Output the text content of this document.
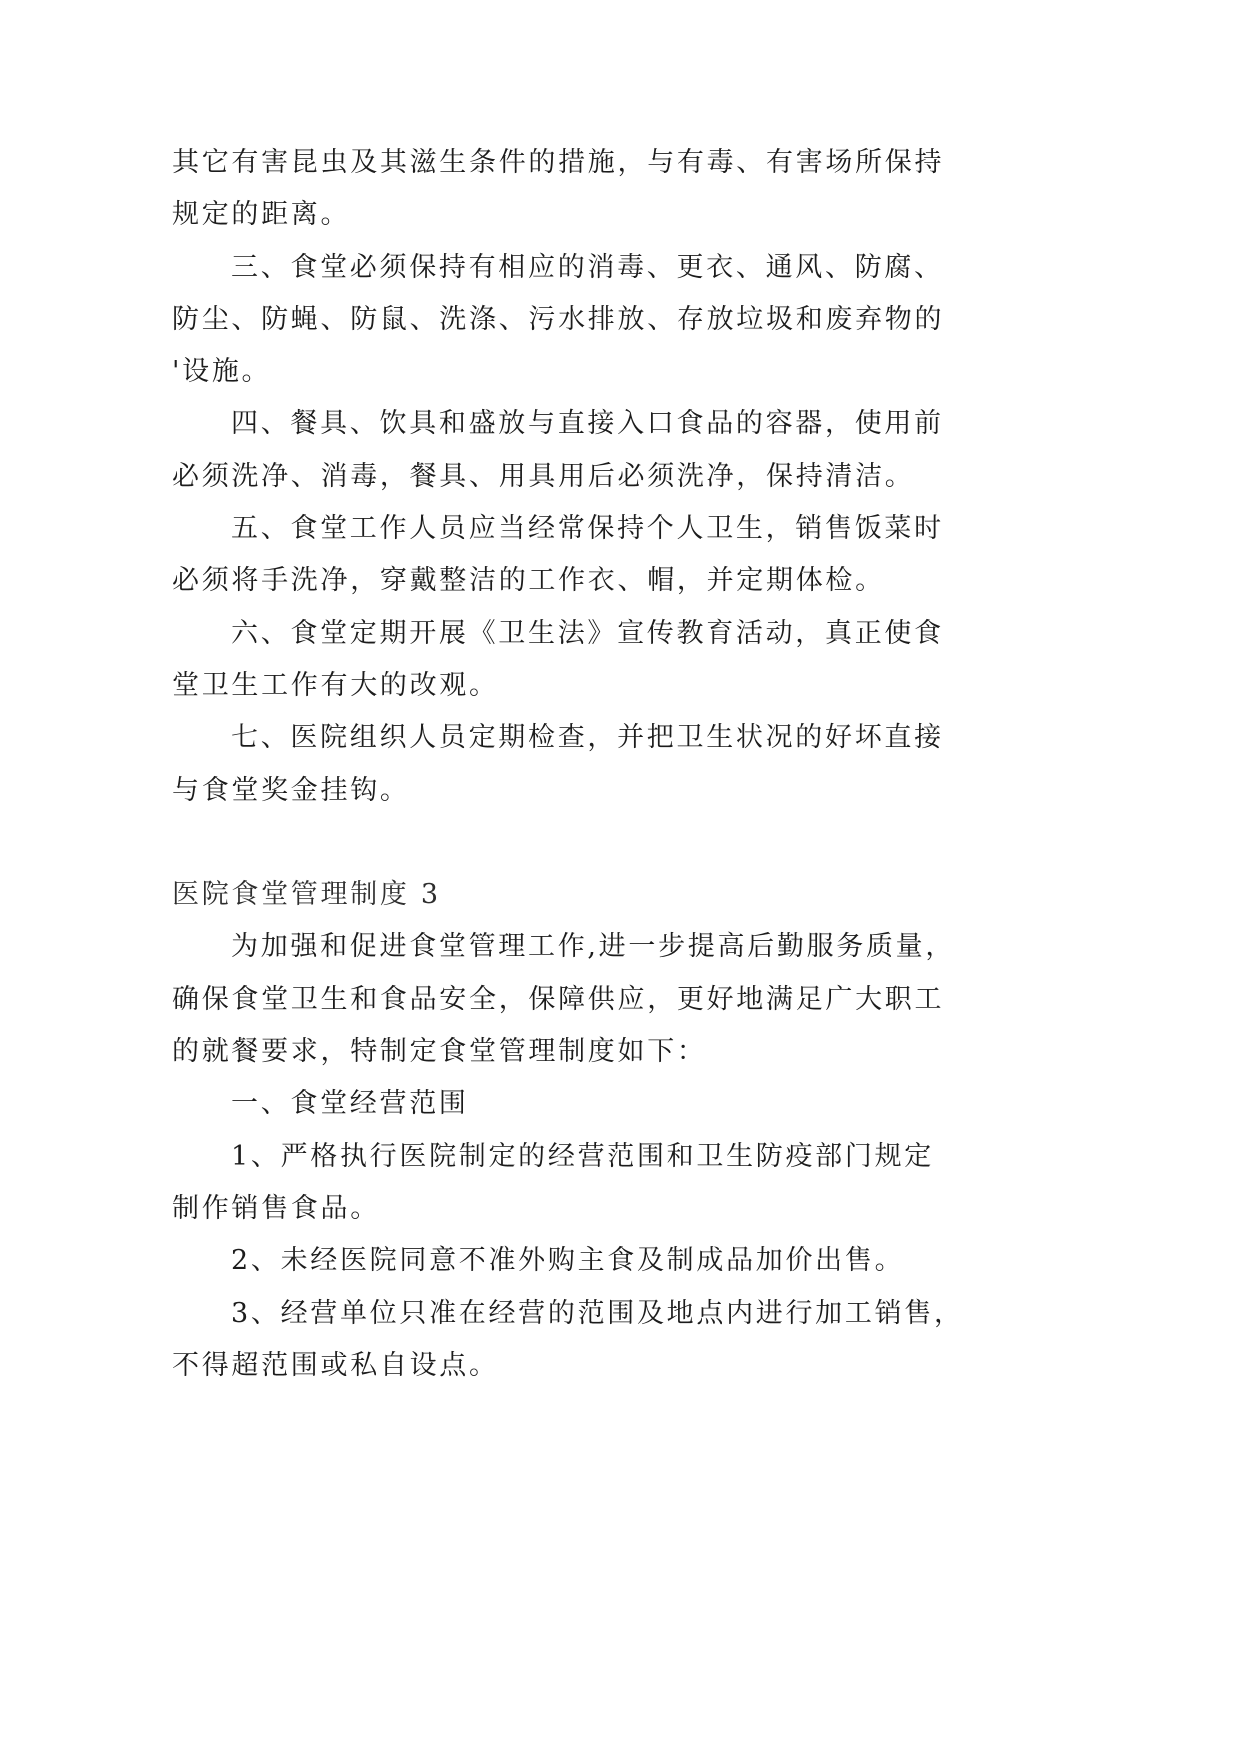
其它有害昆虫及其滋生条件的措施，与有毒、有害场所保持
规定的距离。
三、食堂必须保持有相应的消毒、更衣、通风、防腐、
防尘、防蝇、防鼠、洗涤、污水排放、存放垃圾和废弃物的
'设施。
四、餐具、饮具和盛放与直接入口食品的容器，使用前
必须洗净、消毒，餐具、用具用后必须洗净，保持清洁。
五、食堂工作人员应当经常保持个人卫生，销售饭菜时
必须将手洗净，穿戴整洁的工作衣、帽，并定期体检。
六、食堂定期开展《卫生法》宣传教育活动，真正使食
堂卫生工作有大的改观。
七、医院组织人员定期检查，并把卫生状况的好坏直接
与食堂奖金挂钩。
医院食堂管理制度 3
为加强和促进食堂管理工作,进一步提高后勤服务质量，
确保食堂卫生和食品安全，保障供应，更好地满足广大职工
的就餐要求，特制定食堂管理制度如下：
一、食堂经营范围
1、严格执行医院制定的经营范围和卫生防疫部门规定
制作销售食品。
2、未经医院同意不准外购主食及制成品加价出售。
3、经营单位只准在经营的范围及地点内进行加工销售，
不得超范围或私自设点。
